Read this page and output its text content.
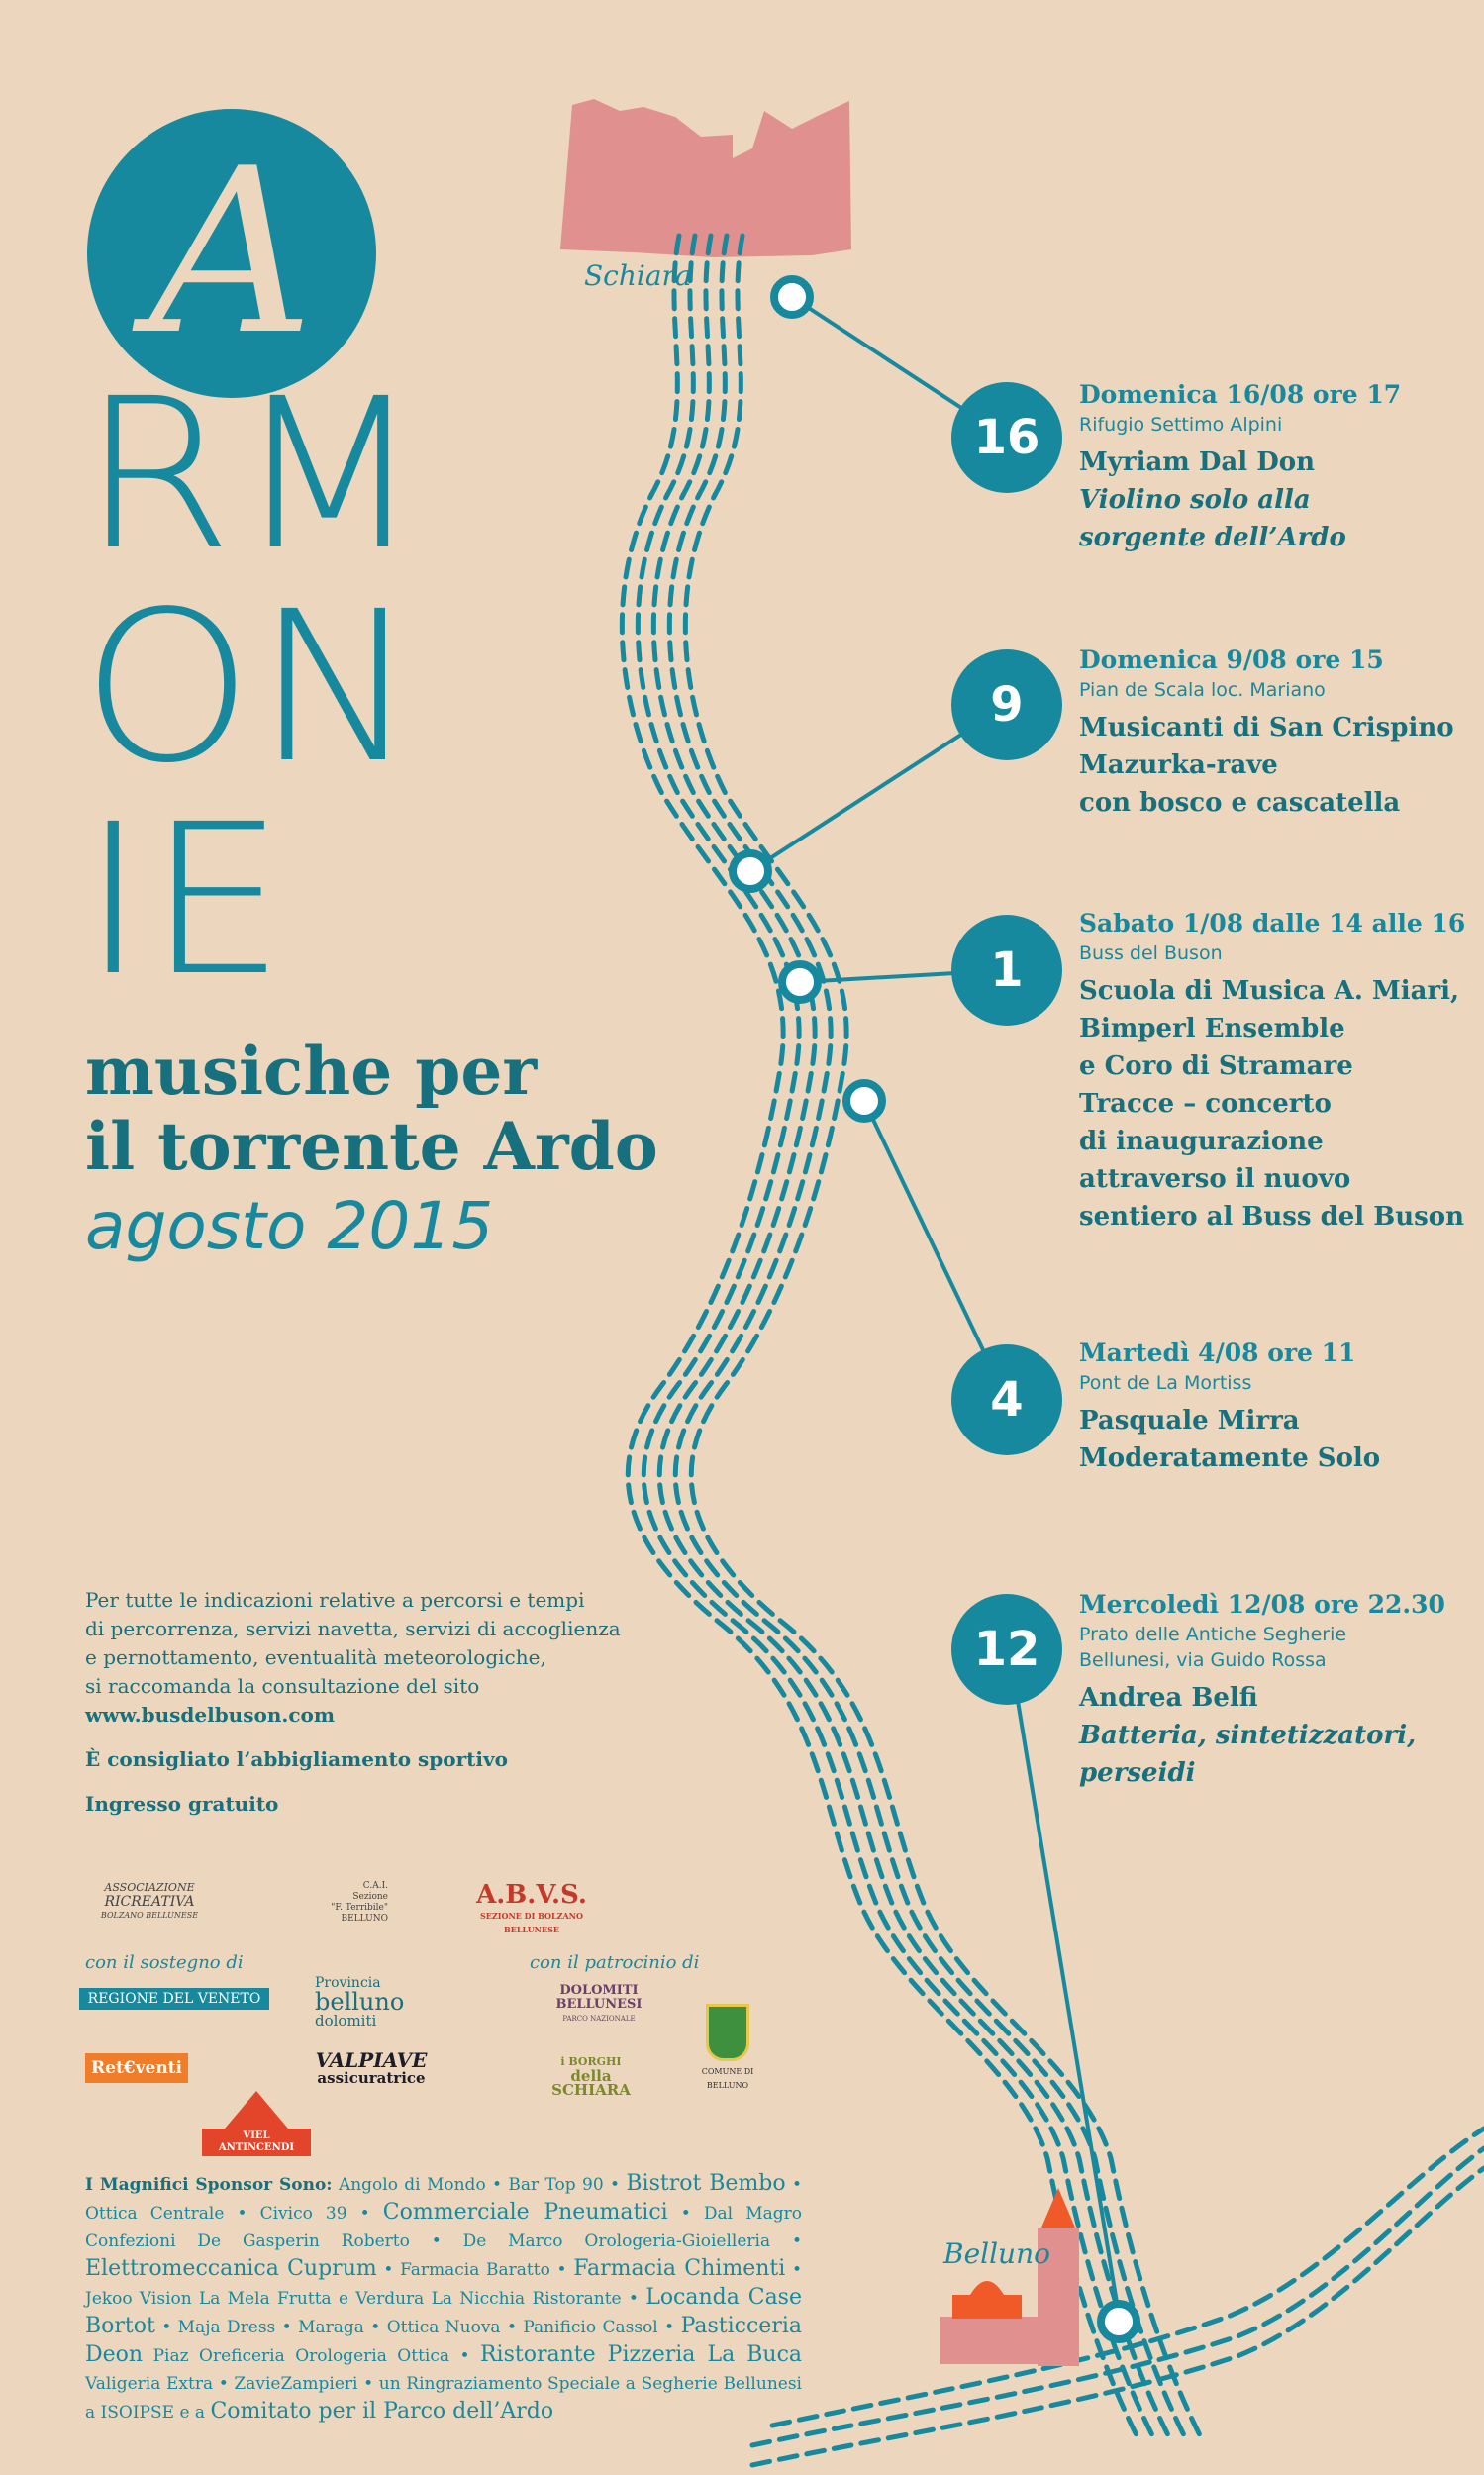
A
RM
ON
IE
musiche per
il torrente Ardo
agosto 2015
Schiara
Belluno
16
9
1
4
12
Domenica 16/08 ore 17
Rifugio Settimo Alpini
Myriam Dal Don
Violino solo alla
sorgente dell’Ardo
Domenica 9/08 ore 15
Pian de Scala loc. Mariano
Musicanti di San Crispino
Mazurka-rave
con bosco e cascatella
Sabato 1/08 dalle 14 alle 16
Buss del Buson
Scuola di Musica A. Miari,
Bimperl Ensemble
e Coro di Stramare
Tracce – concerto
di inaugurazione
attraverso il nuovo
sentiero al Buss del Buson
Martedì 4/08 ore 11
Pont de La Mortiss
Pasquale Mirra
Moderatamente Solo
Mercoledì 12/08 ore 22.30
Prato delle Antiche Segherie
Bellunesi, via Guido Rossa
Andrea Belfi
Batteria, sintetizzatori,
perseidi
Per tutte le indicazioni relative a percorsi e tempi
di percorrenza, servizi navetta, servizi di accoglienza
e pernottamento, eventualità meteorologiche,
si raccomanda la consultazione del sito
www.busdelbuson.com
È consigliato l’abbigliamento sportivo
Ingresso gratuito
ASSOCIAZIONE
RICREATIVA
BOLZANO BELLUNESE
C.A.I.
Sezione
"F. Terribile"
BELLUNO
A.B.V.S.
SEZIONE DI BOLZANO BELLUNESE
con il sostegno di	con il patrocinio di
REGIONE DEL VENETO
Provincia
belluno
dolomiti
DOLOMITI
BELLUNESI
PARCO NAZIONALE
Ret€venti	VALPIAVE
assicuratrice
i BORGHI
della SCHIARA
COMUNE DI BELLUNO
VIEL
ANTINCENDI
I Magnifici Sponsor Sono: Angolo di Mondo • Bar Top 90 • Bistrot Bembo • Ottica Centrale • Civico 39 • Commerciale Pneumatici • Dal Magro Confezioni De Gasperin Roberto • De Marco Orologeria-Gioielleria • Elettromeccanica Cuprum • Farmacia Baratto • Farmacia Chimenti • Jekoo Vision La Mela Frutta e Verdura La Nicchia Ristorante • Locanda Case Bortot • Maja Dress • Maraga • Ottica Nuova • Panificio Cassol • Pasticceria Deon Piaz Oreficeria Orologeria Ottica • Ristorante Pizzeria La Buca Valigeria Extra • ZavieZampieri • un Ringraziamento Speciale a Segherie Bellunesi a ISOIPSE e a Comitato per il Parco dell’Ardo
